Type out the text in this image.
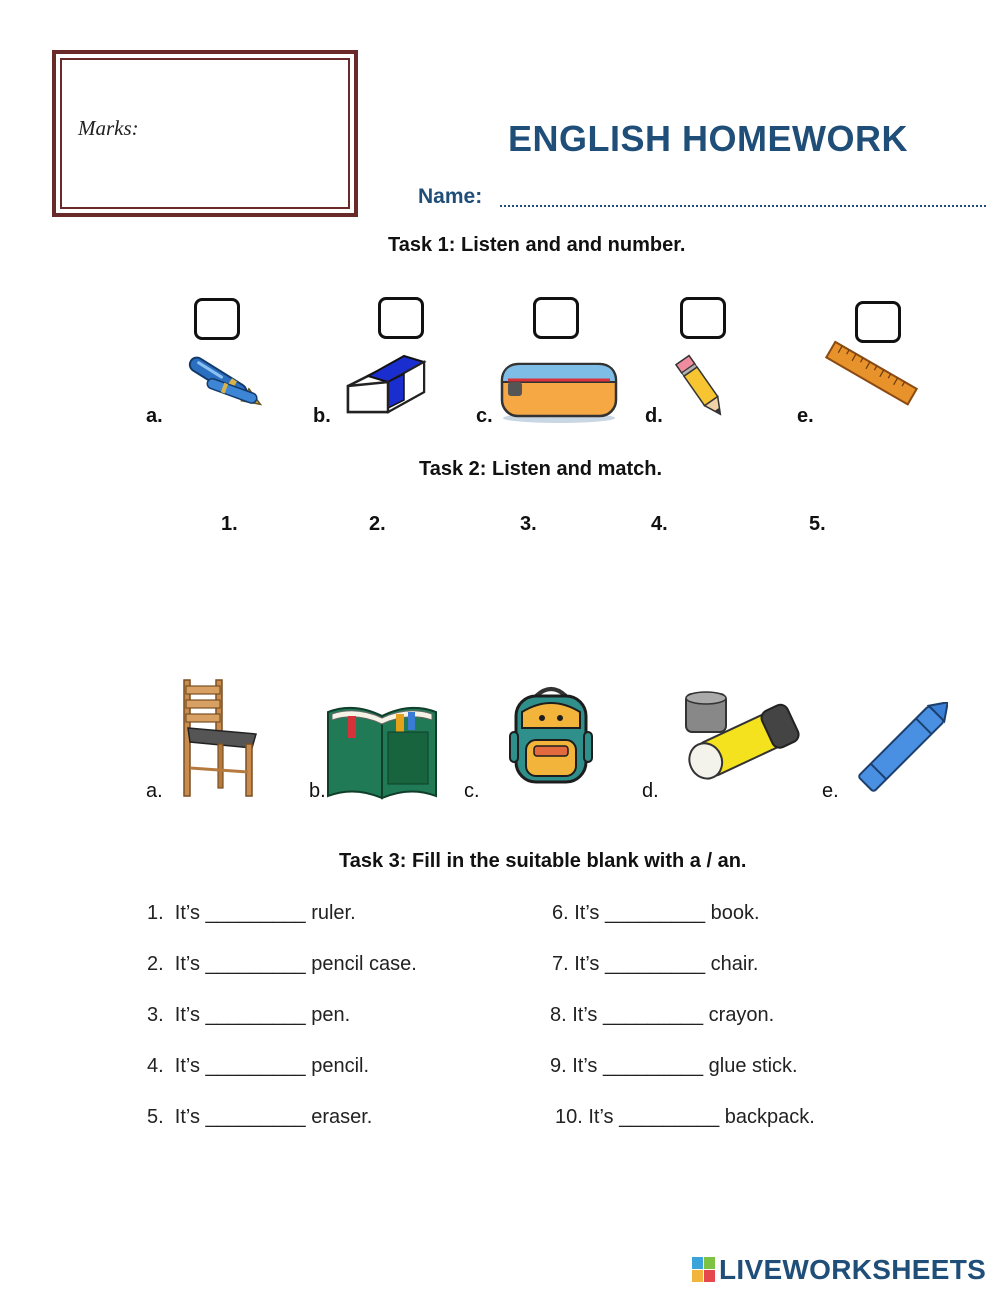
Marks:	ENGLISH HOMEWORK
Name:
Task 1: Listen and and number.
a.	b.	c.	d.	e.
Task 2: Listen and match.
1.	2.	3.	4.	5.
a.	b.	c.	d.	e.
Task 3: Fill in the suitable blank with a / an.
1.  It’s _________ ruler.
2.  It’s _________ pencil case.
3.  It’s _________ pen.
4.  It’s _________ pencil.
5.  It’s _________ eraser.
6. It’s _________ book.
7. It’s _________ chair.
8. It’s _________ crayon.
9. It’s _________ glue stick.
10. It’s _________ backpack.
LIVEWORKSHEETS
